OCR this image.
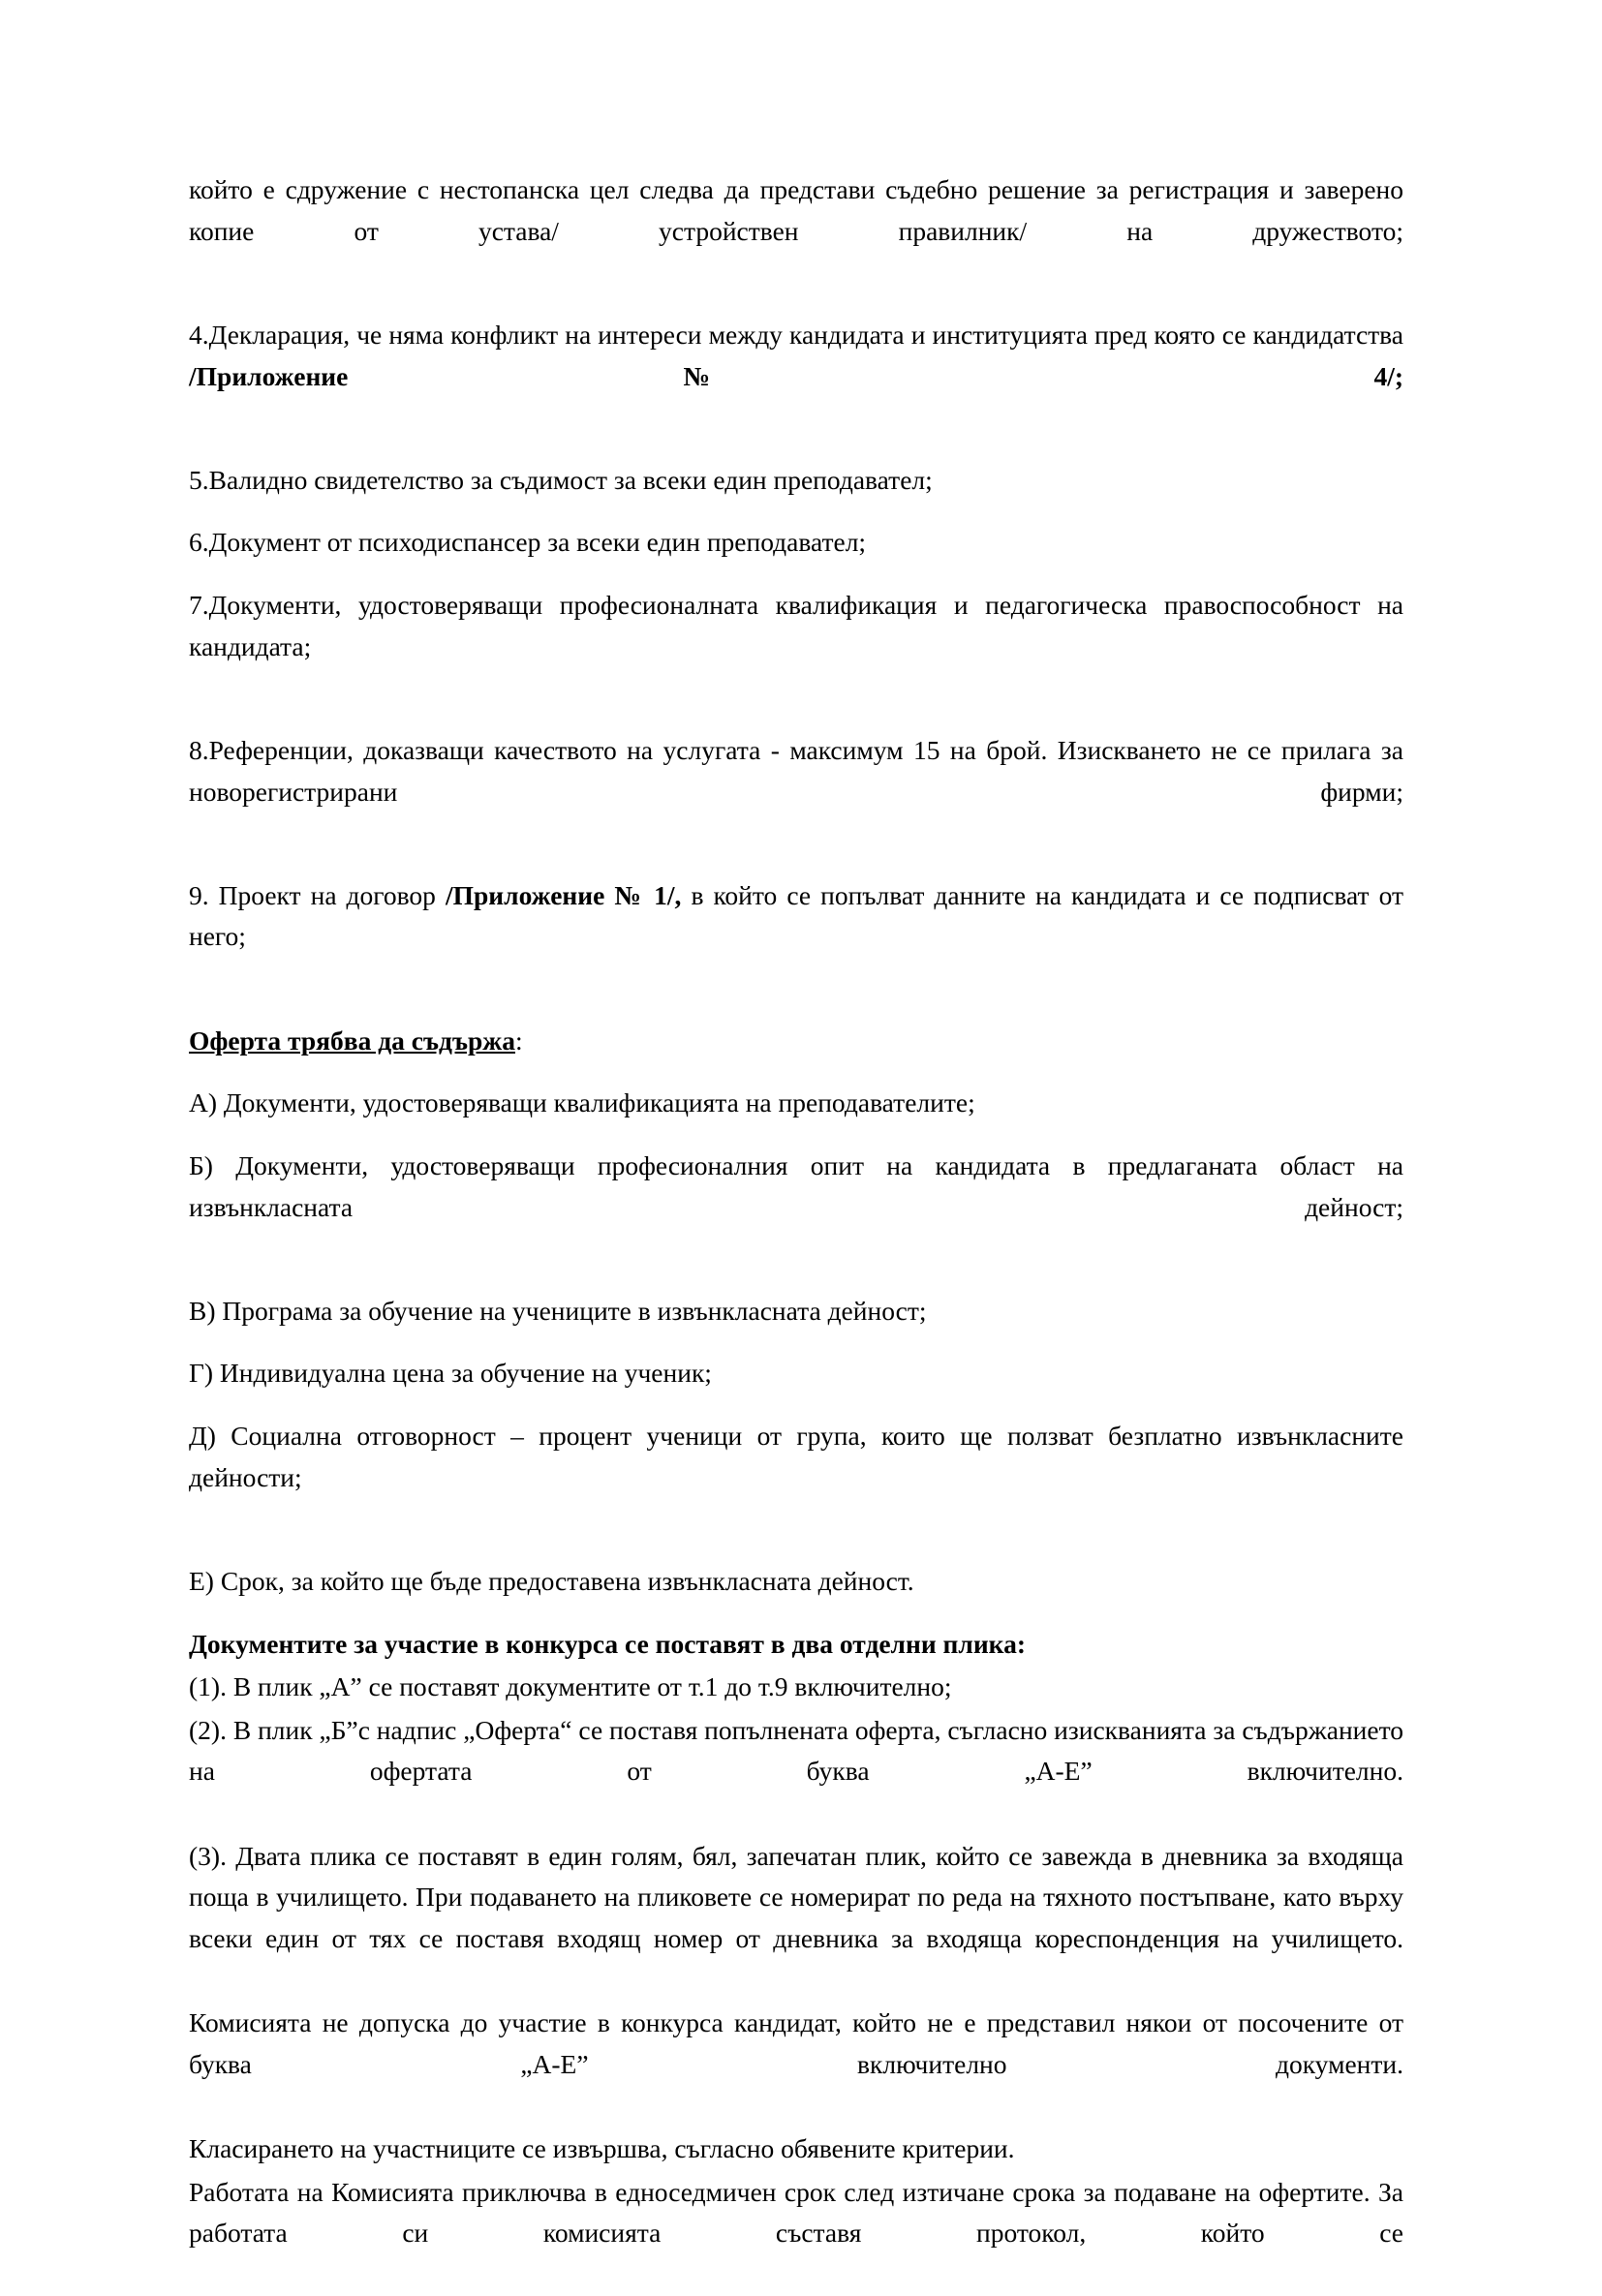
който е сдружение с нестопанска цел следва да представи съдебно решение за регистрация и заверено копие от устава/ устройствен правилник/ на дружеството;

4.Декларация, че няма конфликт на интереси между кандидата и институцията пред която се кандидатства /Приложение № 4/;

5.Валидно свидетелство за съдимост за всеки един преподавател;

6.Документ от психодиспансер за всеки един преподавател;

7.Документи, удостоверяващи професионалната квалификация и педагогическа правоспособност на кандидата;

8.Референции, доказващи качеството на услугата - максимум 15 на брой. Изискването не се прилага за новорегистрирани фирми;

9. Проект на договор /Приложение № 1/, в който се попълват данните на кандидата и се подписват от него;

Оферта трябва да съдържа:

А) Документи, удостоверяващи квалификацията на преподавателите;

Б) Документи, удостоверяващи професионалния опит на кандидата в предлаганата област на извънкласната дейност;

В) Програма за обучение на учениците в извънкласната дейност;

Г) Индивидуална цена за обучение на ученик;

Д) Социална отговорност – процент ученици от група, които ще ползват безплатно извънкласните дейности;

Е) Срок, за който ще бъде предоставена извънкласната дейност.

Документите за участие в конкурса се поставят в два отделни плика:

(1). В плик „А” се поставят документите от т.1 до т.9 включително;

(2). В плик „Б”с надпис „Оферта“ се поставя попълнената оферта, съгласно изискванията за съдържанието на офертата от буква „А-Е” включително.

(3). Двата плика се поставят в един голям, бял, запечатан плик, който се завежда в дневника за входяща поща в училището. При подаването на пликовете се номерират по реда на тяхното постъпване, като върху всеки един от тях се поставя входящ номер от дневника за входяща кореспонденция на училището.

Комисията не допуска до участие в конкурса кандидат, който не е представил някои от посочените от буква „А-Е” включително документи.

Класирането на участниците се извършва, съгласно обявените критерии.

Работата на Комисията приключва в едноседмичен срок след изтичане срока за подаване на офертите. За работата си комисията съставя протокол, който се
